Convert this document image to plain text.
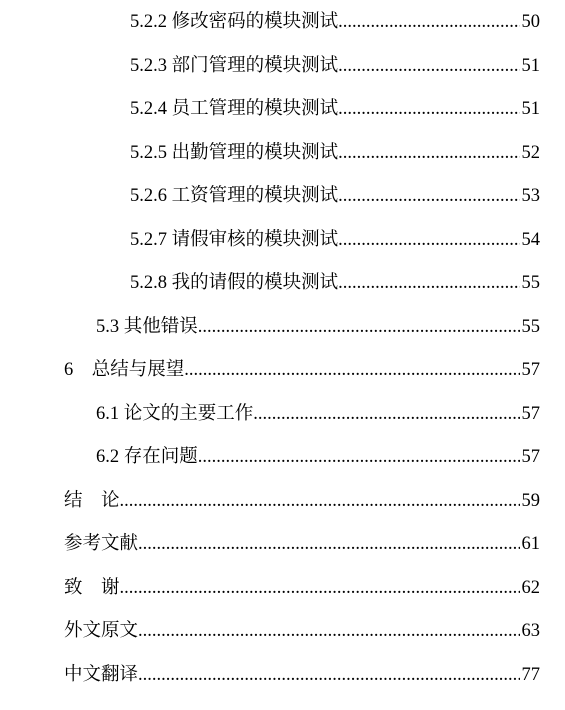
5.2.2 修改密码的模块测试 .....	50
5.2.3 部门管理的模块测试 .....	51
5.2.4 员工管理的模块测试 .....	51
5.2.5 出勤管理的模块测试 .....	52
5.2.6 工资管理的模块测试 .....	53
5.2.7 请假审核的模块测试 .....	54
5.2.8 我的请假的模块测试 .....	55
5.3 其他错误 .....	55
6　总结与展望 .....	57
6.1 论文的主要工作 .....	57
6.2 存在问题 .....	57
结　论 .....	59
参考文献 .....	61
致　谢 .....	62
外文原文 .....	63
中文翻译 .....	77
